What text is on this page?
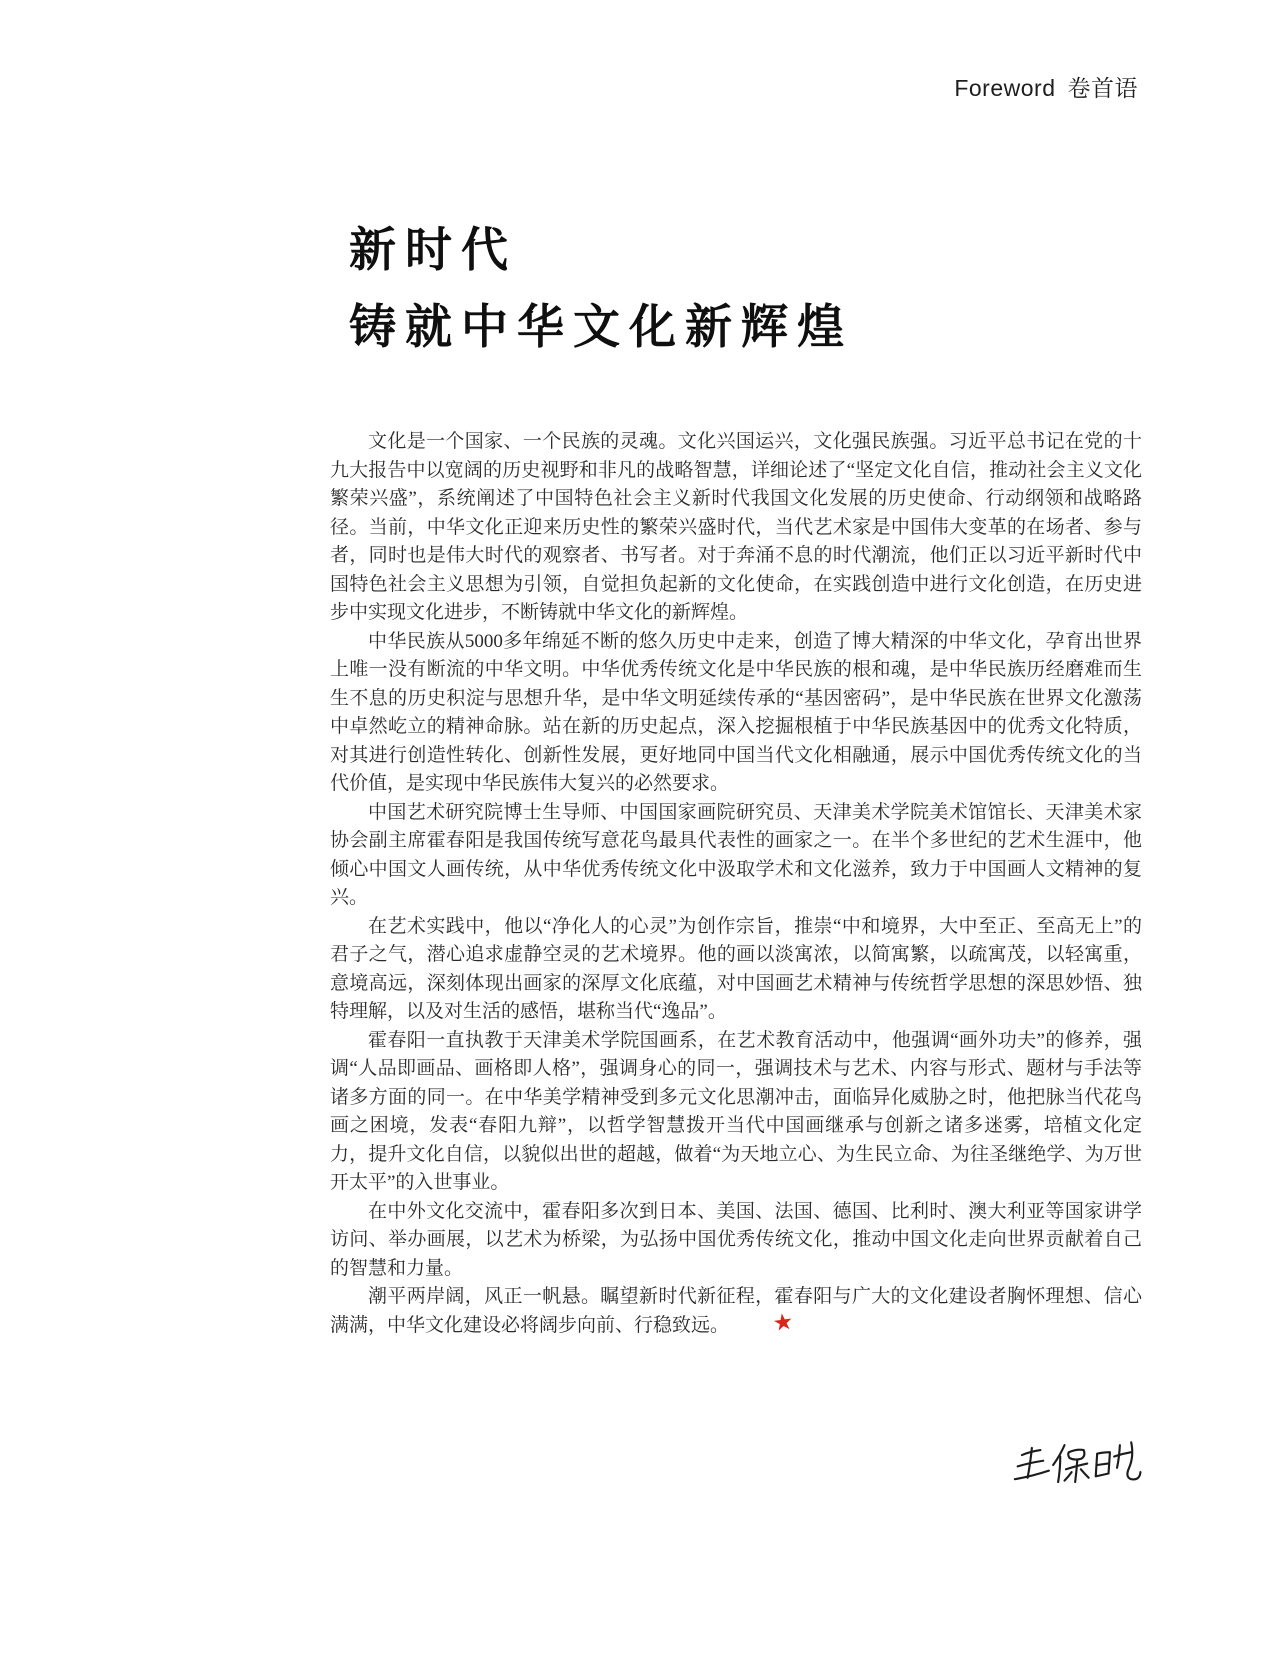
Foreword 卷首语
新时代
铸就中华文化新辉煌

文化是一个国家、一个民族的灵魂。文化兴国运兴，文化强民族强。习近平总书记在党的十九大报告中以宽阔的历史视野和非凡的战略智慧，详细论述了“坚定文化自信，推动社会主义文化繁荣兴盛”，系统阐述了中国特色社会主义新时代我国文化发展的历史使命、行动纲领和战略路径。当前，中华文化正迎来历史性的繁荣兴盛时代，当代艺术家是中国伟大变革的在场者、参与者，同时也是伟大时代的观察者、书写者。对于奔涌不息的时代潮流，他们正以习近平新时代中国特色社会主义思想为引领，自觉担负起新的文化使命，在实践创造中进行文化创造，在历史进步中实现文化进步，不断铸就中华文化的新辉煌。

中华民族从5000多年绵延不断的悠久历史中走来，创造了博大精深的中华文化，孕育出世界上唯一没有断流的中华文明。中华优秀传统文化是中华民族的根和魂，是中华民族历经磨难而生生不息的历史积淀与思想升华，是中华文明延续传承的“基因密码”，是中华民族在世界文化激荡中卓然屹立的精神命脉。站在新的历史起点，深入挖掘根植于中华民族基因中的优秀文化特质，对其进行创造性转化、创新性发展，更好地同中国当代文化相融通，展示中国优秀传统文化的当代价值，是实现中华民族伟大复兴的必然要求。

中国艺术研究院博士生导师、中国国家画院研究员、天津美术学院美术馆馆长、天津美术家协会副主席霍春阳是我国传统写意花鸟最具代表性的画家之一。在半个多世纪的艺术生涯中，他倾心中国文人画传统，从中华优秀传统文化中汲取学术和文化滋养，致力于中国画人文精神的复兴。

在艺术实践中，他以“净化人的心灵”为创作宗旨，推崇“中和境界，大中至正、至高无上”的君子之气，潜心追求虚静空灵的艺术境界。他的画以淡寓浓，以简寓繁，以疏寓茂，以轻寓重，意境高远，深刻体现出画家的深厚文化底蕴，对中国画艺术精神与传统哲学思想的深思妙悟、独特理解，以及对生活的感悟，堪称当代“逸品”。

霍春阳一直执教于天津美术学院国画系，在艺术教育活动中，他强调“画外功夫”的修养，强调“人品即画品、画格即人格”，强调身心的同一，强调技术与艺术、内容与形式、题材与手法等诸多方面的同一。在中华美学精神受到多元文化思潮冲击，面临异化威胁之时，他把脉当代花鸟画之困境，发表“春阳九辩”，以哲学智慧拨开当代中国画继承与创新之诸多迷雾，培植文化定力，提升文化自信，以貌似出世的超越，做着“为天地立心、为生民立命、为往圣继绝学、为万世开太平”的入世事业。

在中外文化交流中，霍春阳多次到日本、美国、法国、德国、比利时、澳大利亚等国家讲学访问、举办画展，以艺术为桥梁，为弘扬中国优秀传统文化，推动中国文化走向世界贡献着自己的智慧和力量。

潮平两岸阔，风正一帆悬。瞩望新时代新征程，霍春阳与广大的文化建设者胸怀理想、信心满满，中华文化建设必将阔步向前、行稳致远。 ★
